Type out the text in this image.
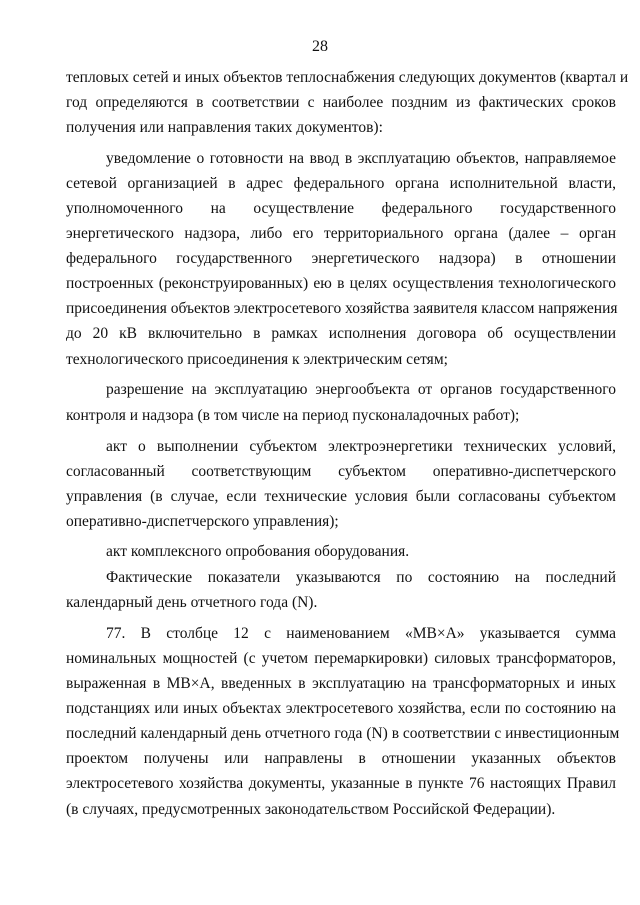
28
тепловых сетей и иных объектов теплоснабжения следующих документов (квартал и
год определяются в соответствии с наиболее поздним из фактических сроков
получения или направления таких документов):
уведомление о готовности на ввод в эксплуатацию объектов, направляемое
сетевой организацией в адрес федерального органа исполнительной власти,
уполномоченного на осуществление федерального государственного
энергетического надзора, либо его территориального органа (далее – орган
федерального государственного энергетического надзора) в отношении
построенных (реконструированных) ею в целях осуществления технологического
присоединения объектов электросетевого хозяйства заявителя классом напряжения
до 20 кВ включительно в рамках исполнения договора об осуществлении
технологического присоединения к электрическим сетям;
разрешение на эксплуатацию энергообъекта от органов государственного
контроля и надзора (в том числе на период пусконаладочных работ);
акт о выполнении субъектом электроэнергетики технических условий,
согласованный соответствующим субъектом оперативно-диспетчерского
управления (в случае, если технические условия были согласованы субъектом
оперативно-диспетчерского управления);
акт комплексного опробования оборудования.
Фактические показатели указываются по состоянию на последний
календарный день отчетного года (N).
77. В столбце 12 с наименованием «МВ×А» указывается сумма
номинальных мощностей (с учетом перемаркировки) силовых трансформаторов,
выраженная в МВ×А, введенных в эксплуатацию на трансформаторных и иных
подстанциях или иных объектах электросетевого хозяйства, если по состоянию на
последний календарный день отчетного года (N) в соответствии с инвестиционным
проектом получены или направлены в отношении указанных объектов
электросетевого хозяйства документы, указанные в пункте 76 настоящих Правил
(в случаях, предусмотренных законодательством Российской Федерации).
